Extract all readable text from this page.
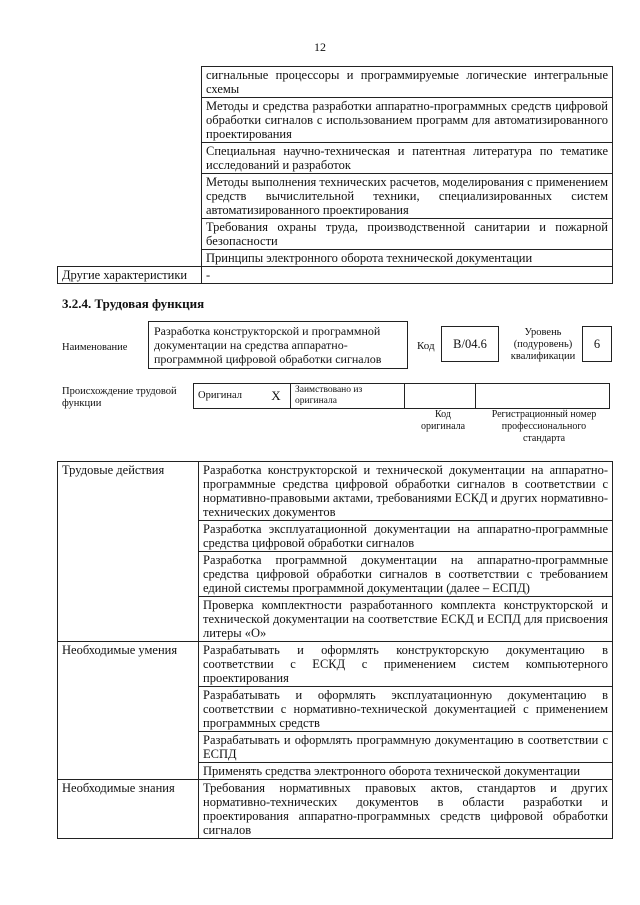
12
	сигнальные процессоры и программируемые логические интегральные схемы
	Методы и средства разработки аппаратно-программных средств цифровой обработки сигналов с использованием программ для автоматизированного проектирования
	Специальная научно-техническая и патентная литература по тематике исследований и разработок
	Методы выполнения технических расчетов, моделирования с применением средств вычислительной техники, специализированных систем автоматизированного проектирования
	Требования охраны труда, производственной санитарии и пожарной безопасности
	Принципы электронного оборота технической документации
Другие характеристики	-
3.2.4. Трудовая функция
Наименование
Разработка конструкторской и программной документации на средства аппаратно-программной цифровой обработки сигналов
Код	В/04.6
Уровень (подуровень) квалификации
6
Происхождение трудовой функции
Оригинал	Х	Заимствовано из оригинала		
Код оригинала
Регистрационный номер профессионального стандарта
Трудовые действия	Разработка конструкторской и технической документации на аппаратно-программные средства цифровой обработки сигналов в соответствии с нормативно-правовыми актами, требованиями ЕСКД и других нормативно-технических документов
	Разработка эксплуатационной документации на аппаратно-программные средства цифровой обработки сигналов
	Разработка программной документации на аппаратно-программные средства цифровой обработки сигналов в соответствии с требованием единой системы программной документации (далее – ЕСПД)
	Проверка комплектности разработанного комплекта конструкторской и технической документации на соответствие ЕСКД и ЕСПД для присвоения литеры «О»
Необходимые умения	Разрабатывать и оформлять конструкторскую документацию в соответствии с ЕСКД с применением систем компьютерного проектирования
	Разрабатывать и оформлять эксплуатационную документацию в соответствии с нормативно-технической документацией с применением программных средств
	Разрабатывать и оформлять программную документацию в соответствии с ЕСПД
	Применять средства электронного оборота технической документации
Необходимые знания	Требования нормативных правовых актов, стандартов и других нормативно-технических документов в области разработки и проектирования аппаратно-программных средств цифровой обработки сигналов
